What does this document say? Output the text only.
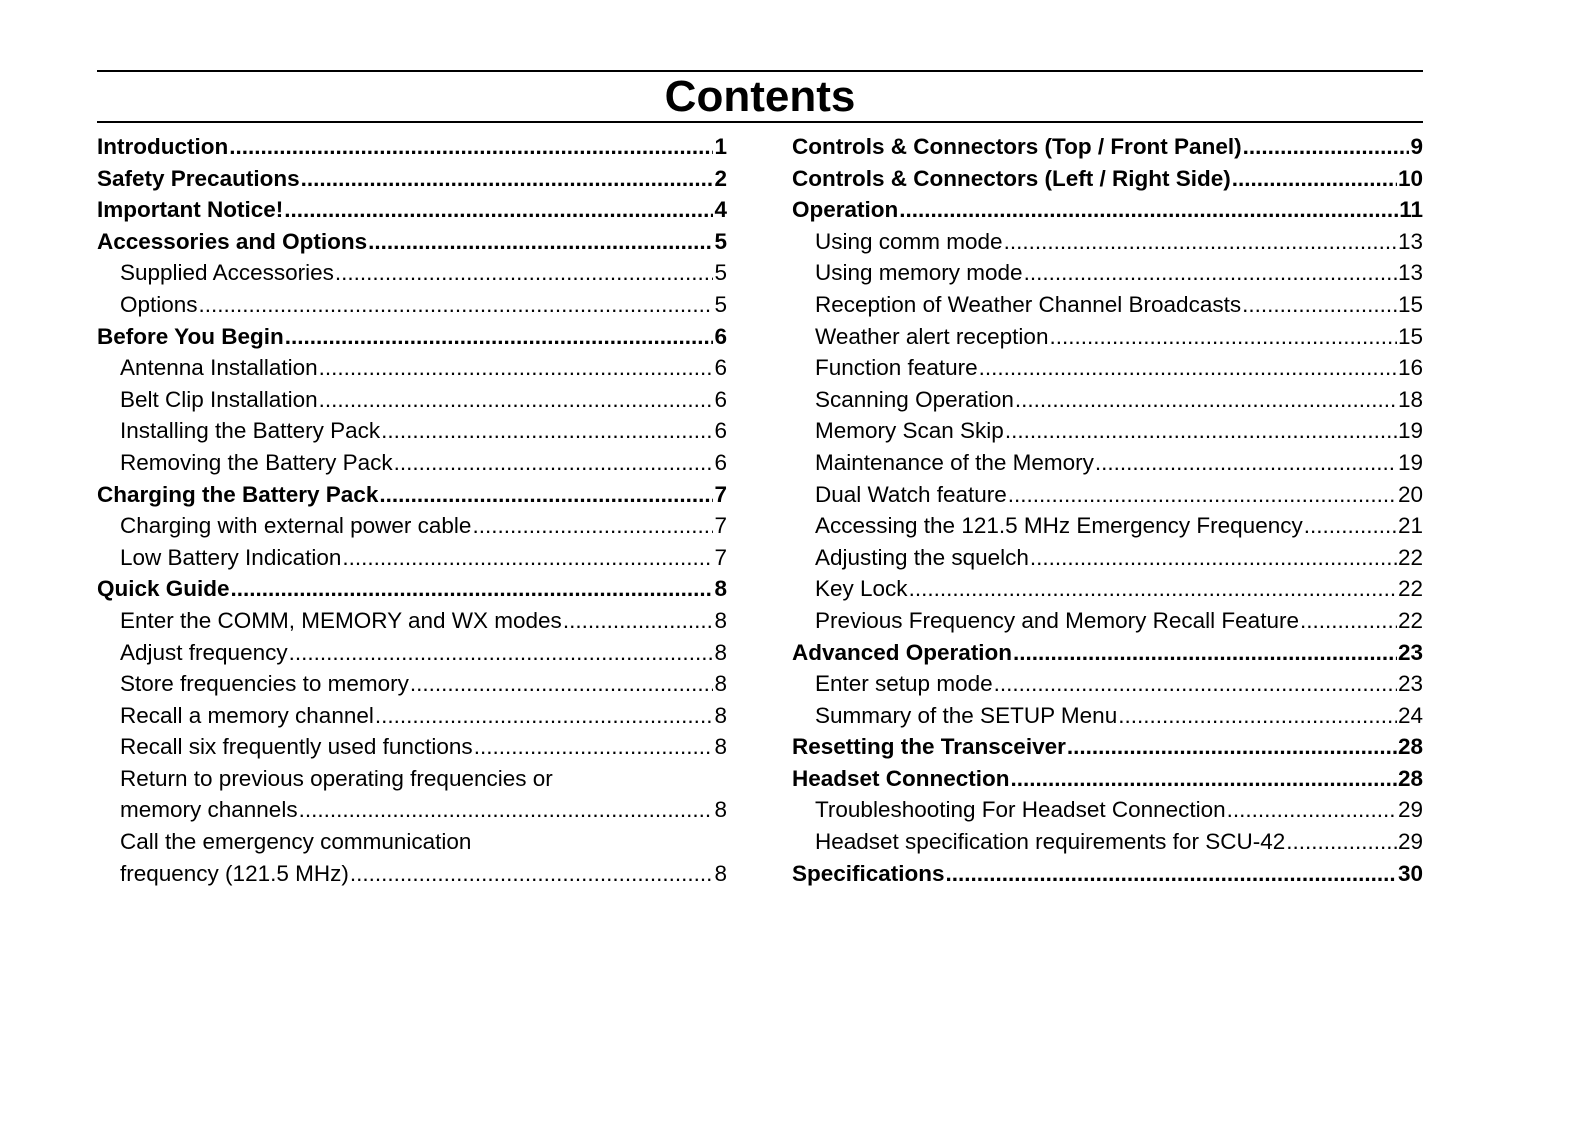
Contents
Introduction .....	1
Safety Precautions .....	2
Important Notice! .....	4
Accessories and Options .....	5
Supplied Accessories .....	5
Options .....	5
Before You Begin .....	6
Antenna Installation .....	6
Belt Clip Installation .....	6
Installing the Battery Pack .....	6
Removing the Battery Pack .....	6
Charging the Battery Pack .....	7
Charging with external power cable .....	7
Low Battery Indication .....	7
Quick Guide .....	8
Enter the COMM, MEMORY and WX modes .....	8
Adjust frequency .....	8
Store frequencies to memory .....	8
Recall a memory channel .....	8
Recall six frequently used functions .....	8
Return to previous operating frequencies or
memory channels .....	8
Call the emergency communication
frequency (121.5 MHz) .....	8
Controls & Connectors (Top / Front Panel) .....	9
Controls & Connectors (Left / Right Side) .....	10
Operation .....	11
Using comm mode .....	13
Using memory mode .....	13
Reception of Weather Channel Broadcasts .....	15
Weather alert reception .....	15
Function feature .....	16
Scanning Operation .....	18
Memory Scan Skip .....	19
Maintenance of the Memory .....	19
Dual Watch feature .....	20
Accessing the 121.5 MHz Emergency Frequency .....	21
Adjusting the squelch .....	22
Key Lock .....	22
Previous Frequency and Memory Recall Feature .....	22
Advanced Operation .....	23
Enter setup mode .....	23
Summary of the SETUP Menu .....	24
Resetting the Transceiver .....	28
Headset Connection .....	28
Troubleshooting For Headset Connection .....	29
Headset specification requirements for SCU-42 .....	29
Specifications .....	30
